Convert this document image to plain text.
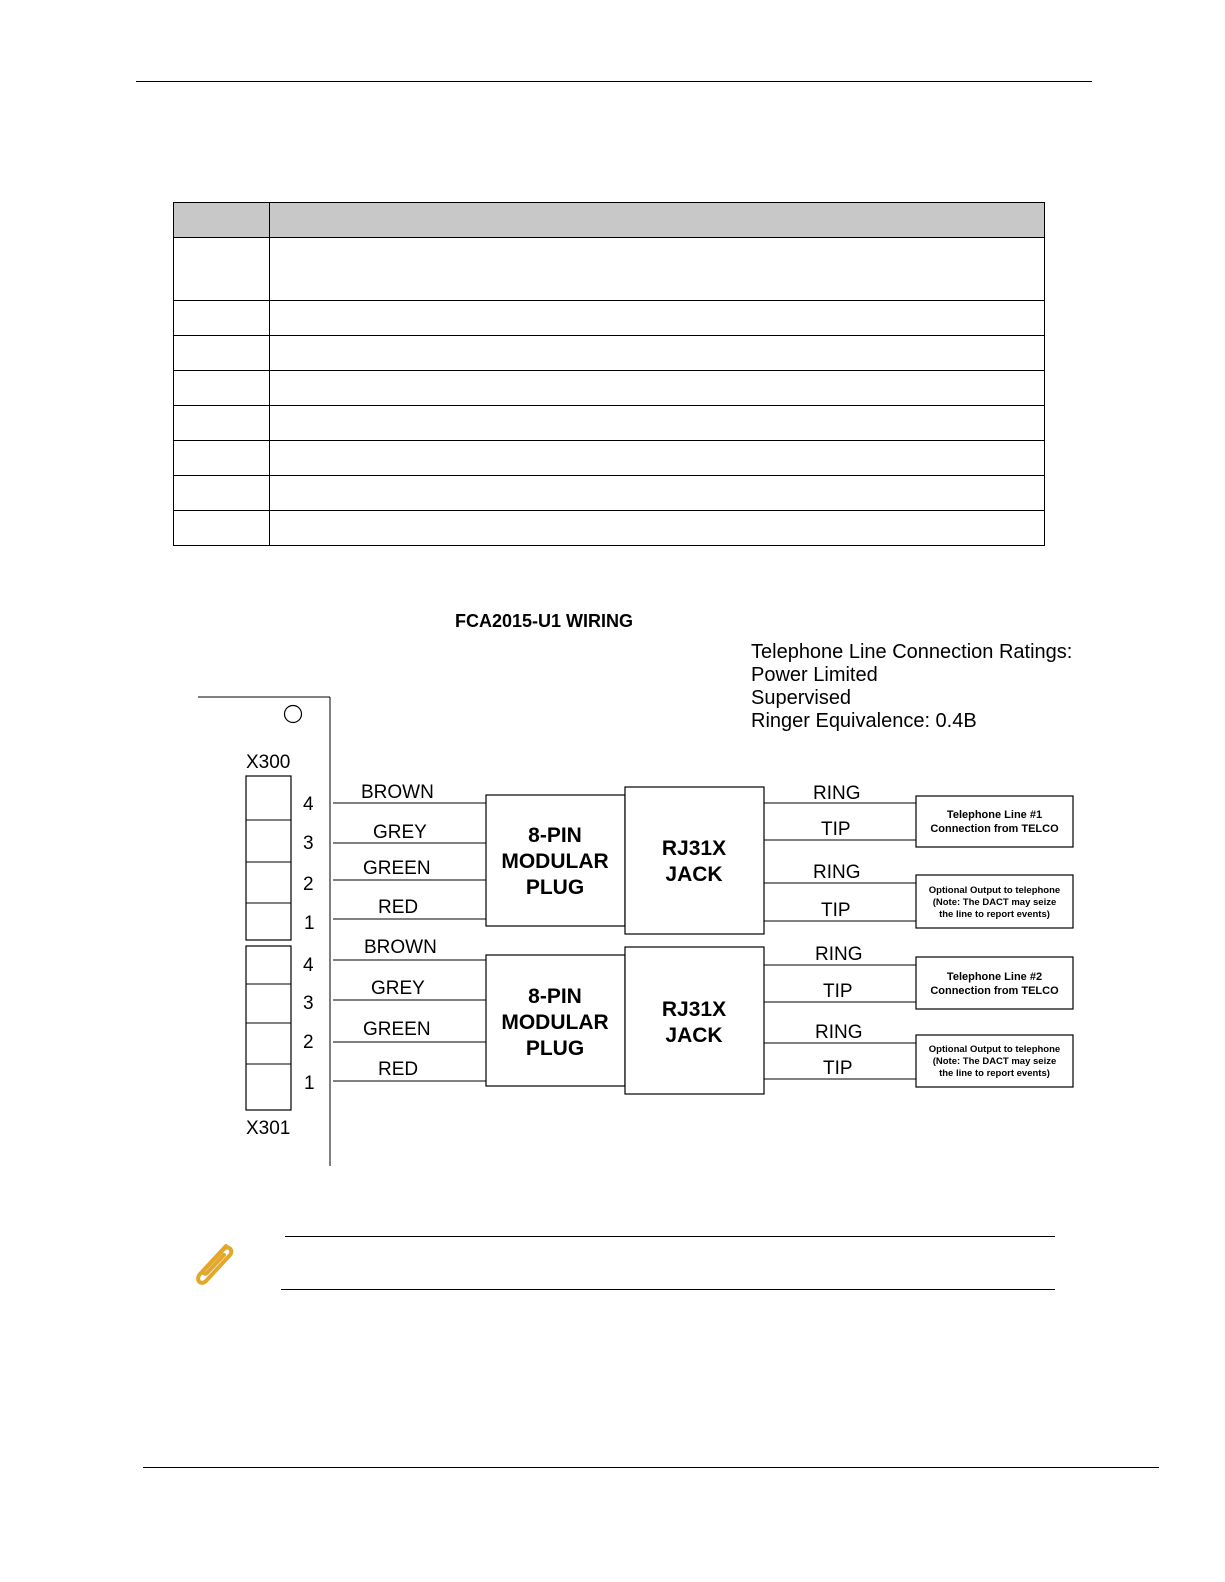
FCA2015-U1 WIRING
Telephone Line Connection Ratings:
Power Limited
Supervised
Ringer Equivalence: 0.4B
X300
X301
4
3
2
1
4
3
2
1
BROWN
GREY
GREEN
RED
BROWN
GREY
GREEN
RED
8-PIN
MODULAR
PLUG
RJ31X
JACK
8-PIN
MODULAR
PLUG
RJ31X
JACK
RING
TIP
RING
TIP
RING
TIP
RING
TIP
Telephone Line #1
Connection from TELCO
Optional Output to telephone
(Note: The DACT may seize
the line to report events)
Telephone Line #2
Connection from TELCO
Optional Output to telephone
(Note: The DACT may seize
the line to report events)
